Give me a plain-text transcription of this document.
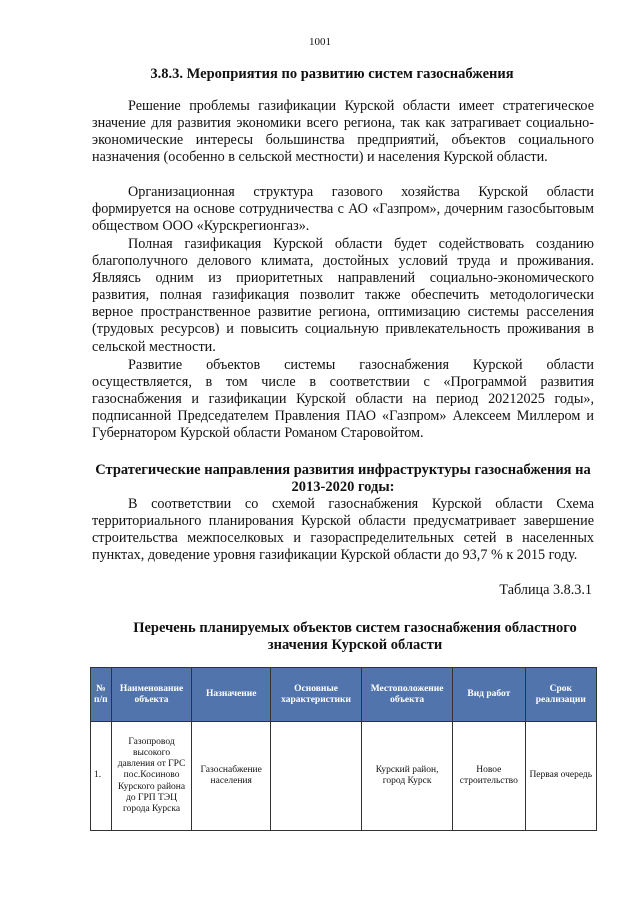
1001
3.8.3. Мероприятия по развитию систем газоснабжения

Решение проблемы газификации Курской области имеет стратегическое значение для развития экономики всего региона, так как затрагивает социально-экономические интересы большинства предприятий, объектов социального назначения (особенно в сельской местности) и населения Курской области.

Организационная структура газового хозяйства Курской области формируется на основе сотрудничества с АО «Газпром», дочерним газосбытовым обществом ООО «Курскрегионгаз».

Полная газификация Курской области будет содействовать созданию благополучного делового климата, достойных условий труда и проживания. Являясь одним из приоритетных направлений социально-экономического развития, полная газификация позволит также обеспечить методологически верное пространственное развитие региона, оптимизацию системы расселения (трудовых ресурсов) и повысить социальную привлекательность проживания в сельской местности.

Развитие объектов системы газоснабжения Курской области осуществляется, в том числе в соответствии с «Программой развития газоснабжения и газификации Курской области на период 20212025 годы», подписанной Председателем Правления ПАО «Газпром» Алексеем Миллером и Губернатором Курской области Романом Старовойтом.

Стратегические направления развития инфраструктуры газоснабжения на 2013-2020 годы:

В соответствии со схемой газоснабжения Курской области Схема территориального планирования Курской области предусматривает завершение строительства межпоселковых и газораспределительных сетей в населенных пунктах, доведение уровня газификации Курской области до 93,7 % к 2015 году.

Таблица 3.8.3.1
Перечень планируемых объектов систем газоснабжения областного значения Курской области
№ п/п	Наименование объекта	Назначение	Основные характеристики	Местоположение объекта	Вид работ	Срок реализации
1.	Газопровод высокого давления от ГРС пос.Косиново Курского района до ГРП ТЭЦ города Курска	Газоснабжение населения		Курский район, город Курск	Новое строительство	Первая очередь
